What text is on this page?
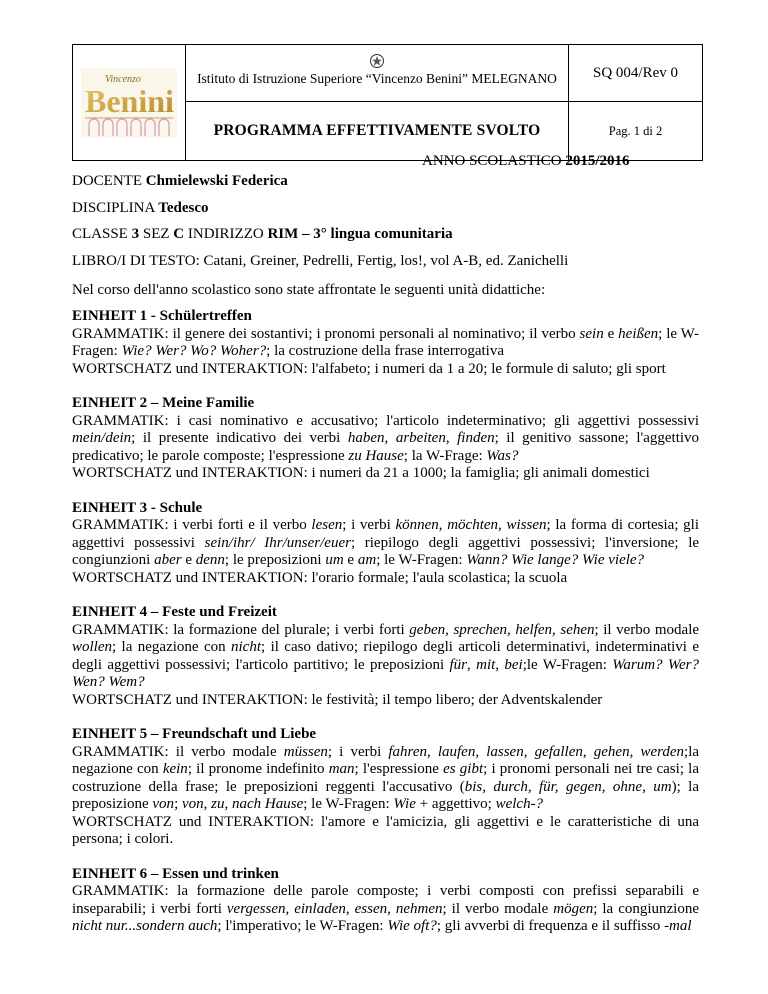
Vincenzo
Benini	Istituto di Istruzione Superiore “Vincenzo Benini” MELEGNANO	SQ 004/Rev 0
	PROGRAMMA EFFETTIVAMENTE SVOLTO	Pag. 1 di 2
ANNO SCOLASTICO 2015/2016
DOCENTE Chmielewski Federica
DISCIPLINA Tedesco
CLASSE 3 SEZ C INDIRIZZO RIM – 3° lingua comunitaria
LIBRO/I DI TESTO: Catani, Greiner, Pedrelli, Fertig, los!, vol A-B, ed. Zanichelli
Nel corso dell'anno scolastico sono state affrontate le seguenti unità didattiche:
EINHEIT 1 - Schülertreffen
GRAMMATIK: il genere dei sostantivi; i pronomi personali al nominativo; il verbo sein e heißen; le W- Fragen: Wie? Wer? Wo? Woher?; la costruzione della frase interrogativa
WORTSCHATZ und INTERAKTION: l'alfabeto; i numeri da 1 a 20; le formule di saluto; gli sport
EINHEIT 2 – Meine Familie
GRAMMATIK: i casi nominativo e accusativo; l'articolo indeterminativo; gli aggettivi possessivi mein/dein; il presente indicativo dei verbi haben, arbeiten, finden; il genitivo sassone; l'aggettivo predicativo; le parole composte; l'espressione zu Hause; la W-Frage: Was?
WORTSCHATZ und INTERAKTION: i numeri da 21 a 1000; la famiglia; gli animali domestici
EINHEIT 3 - Schule
GRAMMATIK: i verbi forti e il verbo lesen; i verbi können, möchten, wissen; la forma di cortesia; gli aggettivi possessivi sein/ihr/ Ihr/unser/euer; riepilogo degli aggettivi possessivi; l'inversione; le congiunzioni aber e denn; le preposizioni um e am; le W-Fragen: Wann? Wie lange? Wie viele?
WORTSCHATZ und INTERAKTION: l'orario formale; l'aula scolastica; la scuola
EINHEIT 4 – Feste und Freizeit
GRAMMATIK: la formazione del plurale; i verbi forti geben, sprechen, helfen, sehen; il verbo modale wollen; la negazione con nicht; il caso dativo; riepilogo degli articoli determinativi, indeterminativi e degli aggettivi possessivi; l'articolo partitivo; le preposizioni für, mit, bei;le W-Fragen: Warum? Wer? Wen? Wem?
WORTSCHATZ und INTERAKTION: le festività; il tempo libero; der Adventskalender
EINHEIT 5 – Freundschaft und Liebe
GRAMMATIK: il verbo modale müssen; i verbi fahren, laufen, lassen, gefallen, gehen, werden;la negazione con kein; il pronome indefinito man; l'espressione es gibt; i pronomi personali nei tre casi; la costruzione della frase; le preposizioni reggenti l'accusativo (bis, durch, für, gegen, ohne, um); la preposizione von; von, zu, nach Hause; le W-Fragen: Wie + aggettivo; welch-?
WORTSCHATZ und INTERAKTION: l'amore e l'amicizia, gli aggettivi e le caratteristiche di una persona; i colori.
EINHEIT 6 – Essen und trinken
GRAMMATIK: la formazione delle parole composte; i verbi composti con prefissi separabili e inseparabili; i verbi forti vergessen, einladen, essen, nehmen; il verbo modale mögen; la congiunzione nicht nur...sondern auch; l'imperativo; le W-Fragen: Wie oft?; gli avverbi di frequenza e il suffisso -mal
